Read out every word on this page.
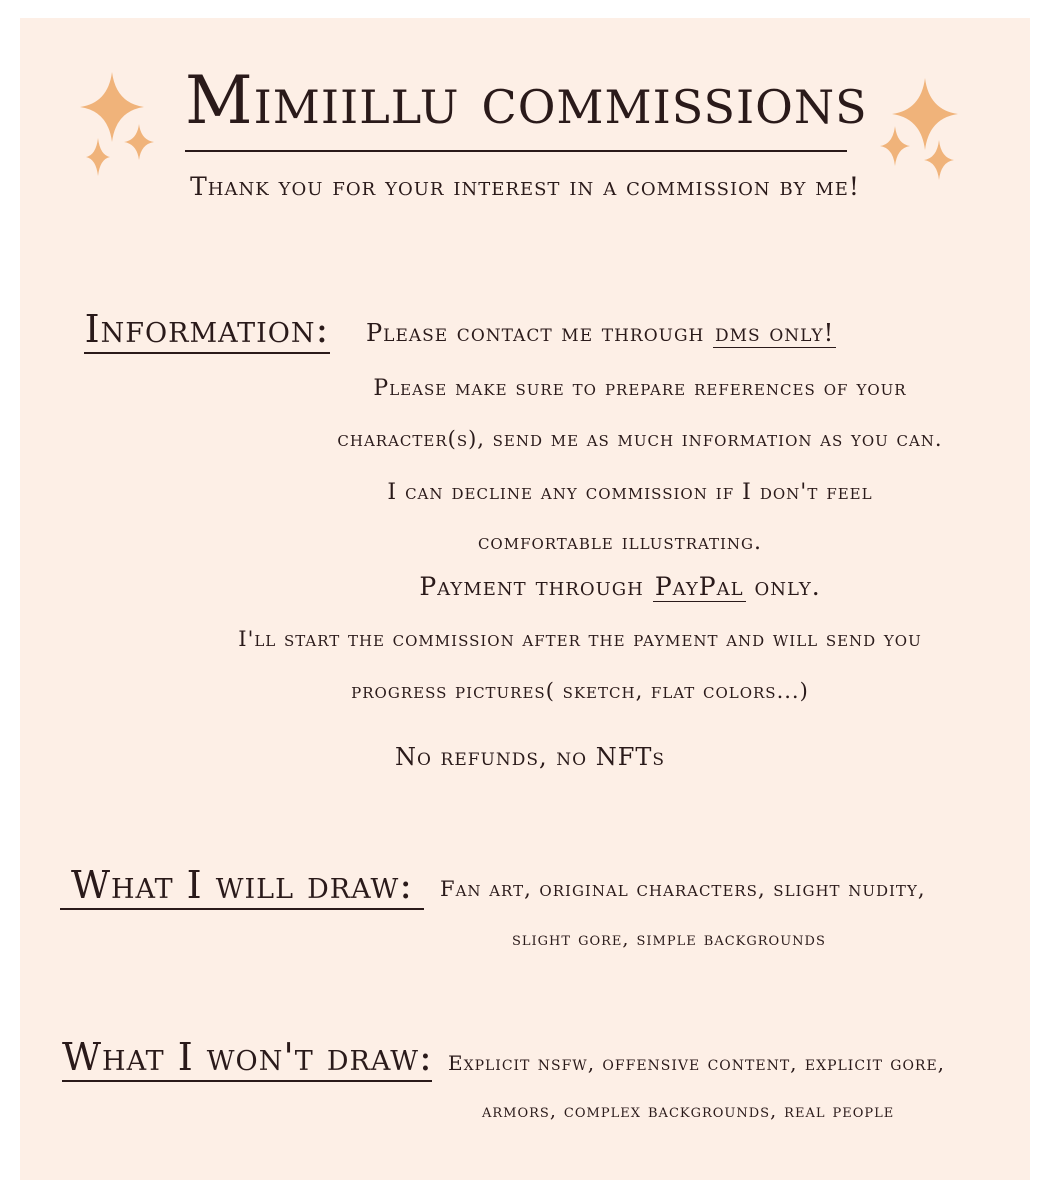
Mimiillu commissions
Thank you for your interest in a commission by me!
Information: Please contact me through dms only!
Please make sure to prepare references of your
character(s), send me as much information as you can.
I can decline any commission if I don't feel
comfortable illustrating.
Payment through PayPal only.
I'll start the commission after the payment and will send you
progress pictures( sketch, flat colors...)
No refunds, no NFTs
What I will draw:	Fan art, original characters, slight nudity,
slight gore, simple backgrounds
What I won't draw: Explicit nsfw, offensive content, explicit gore,
armors, complex backgrounds, real people
